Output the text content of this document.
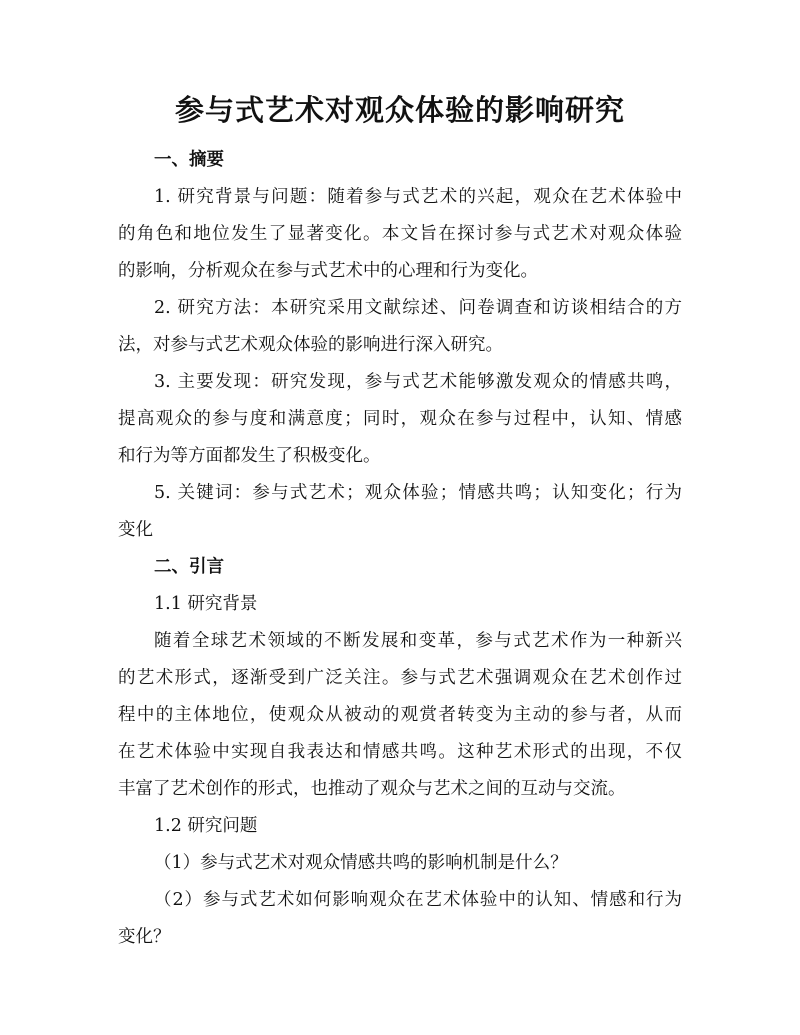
参与式艺术对观众体验的影响研究
一、摘要
1. 研究背景与问题：随着参与式艺术的兴起，观众在艺术体验中
的角色和地位发生了显著变化。本文旨在探讨参与式艺术对观众体验
的影响，分析观众在参与式艺术中的心理和行为变化。
2. 研究方法：本研究采用文献综述、问卷调查和访谈相结合的方
法，对参与式艺术观众体验的影响进行深入研究。
3. 主要发现：研究发现，参与式艺术能够激发观众的情感共鸣，
提高观众的参与度和满意度；同时，观众在参与过程中，认知、情感
和行为等方面都发生了积极变化。
5. 关键词：参与式艺术；观众体验；情感共鸣；认知变化；行为
变化
二、引言
1.1 研究背景
随着全球艺术领域的不断发展和变革，参与式艺术作为一种新兴
的艺术形式，逐渐受到广泛关注。参与式艺术强调观众在艺术创作过
程中的主体地位，使观众从被动的观赏者转变为主动的参与者，从而
在艺术体验中实现自我表达和情感共鸣。这种艺术形式的出现，不仅
丰富了艺术创作的形式，也推动了观众与艺术之间的互动与交流。
1.2 研究问题
（1）参与式艺术对观众情感共鸣的影响机制是什么？
（2）参与式艺术如何影响观众在艺术体验中的认知、情感和行为
变化？
